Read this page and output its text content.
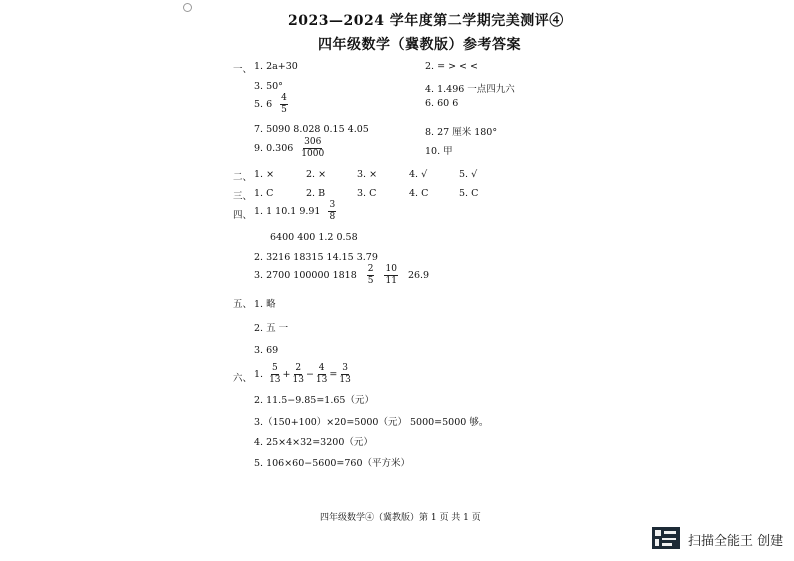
2023—2024 学年度第二学期完美测评④
四年级数学（冀教版）参考答案
一、 1. 2a+30	2. = > < <
3. 50°	4. 1.496 一点四九六
5. $6 \frac{4}{5}$	6. 60 6
7. 5090 8.028 0.15 4.05	8. 27 厘米 180°
9. $0.306 \frac{306}{1000}$	10. 甲
二、 1. ×	2. ×	3. ×	4. √	5. √
三、 1. C	2. B	3. C	4. C	5. C
四、 1. 1 10.1 $9.91 \frac{3}{8}$
6400 400 1.2 0.58
2. 3216 18315 14.15 3.79
3. 2700 100000 $1818 \frac{2}{5} \frac{10}{11} 26.9$
五、 1. 略
2. 五 一
3. 69
六、 1. $\frac{5}{13} + \frac{2}{13} - \frac{4}{13} = \frac{3}{13}$
2. 11.5−9.85=1.65（元）
3.（150+100）×20=5000（元） 5000=5000 够。
4. 25×4×32=3200（元）
5. 106×60−5600=760（平方米）
四年级数学④（冀教版）第 1 页 共 1 页
扫描全能王 创建
